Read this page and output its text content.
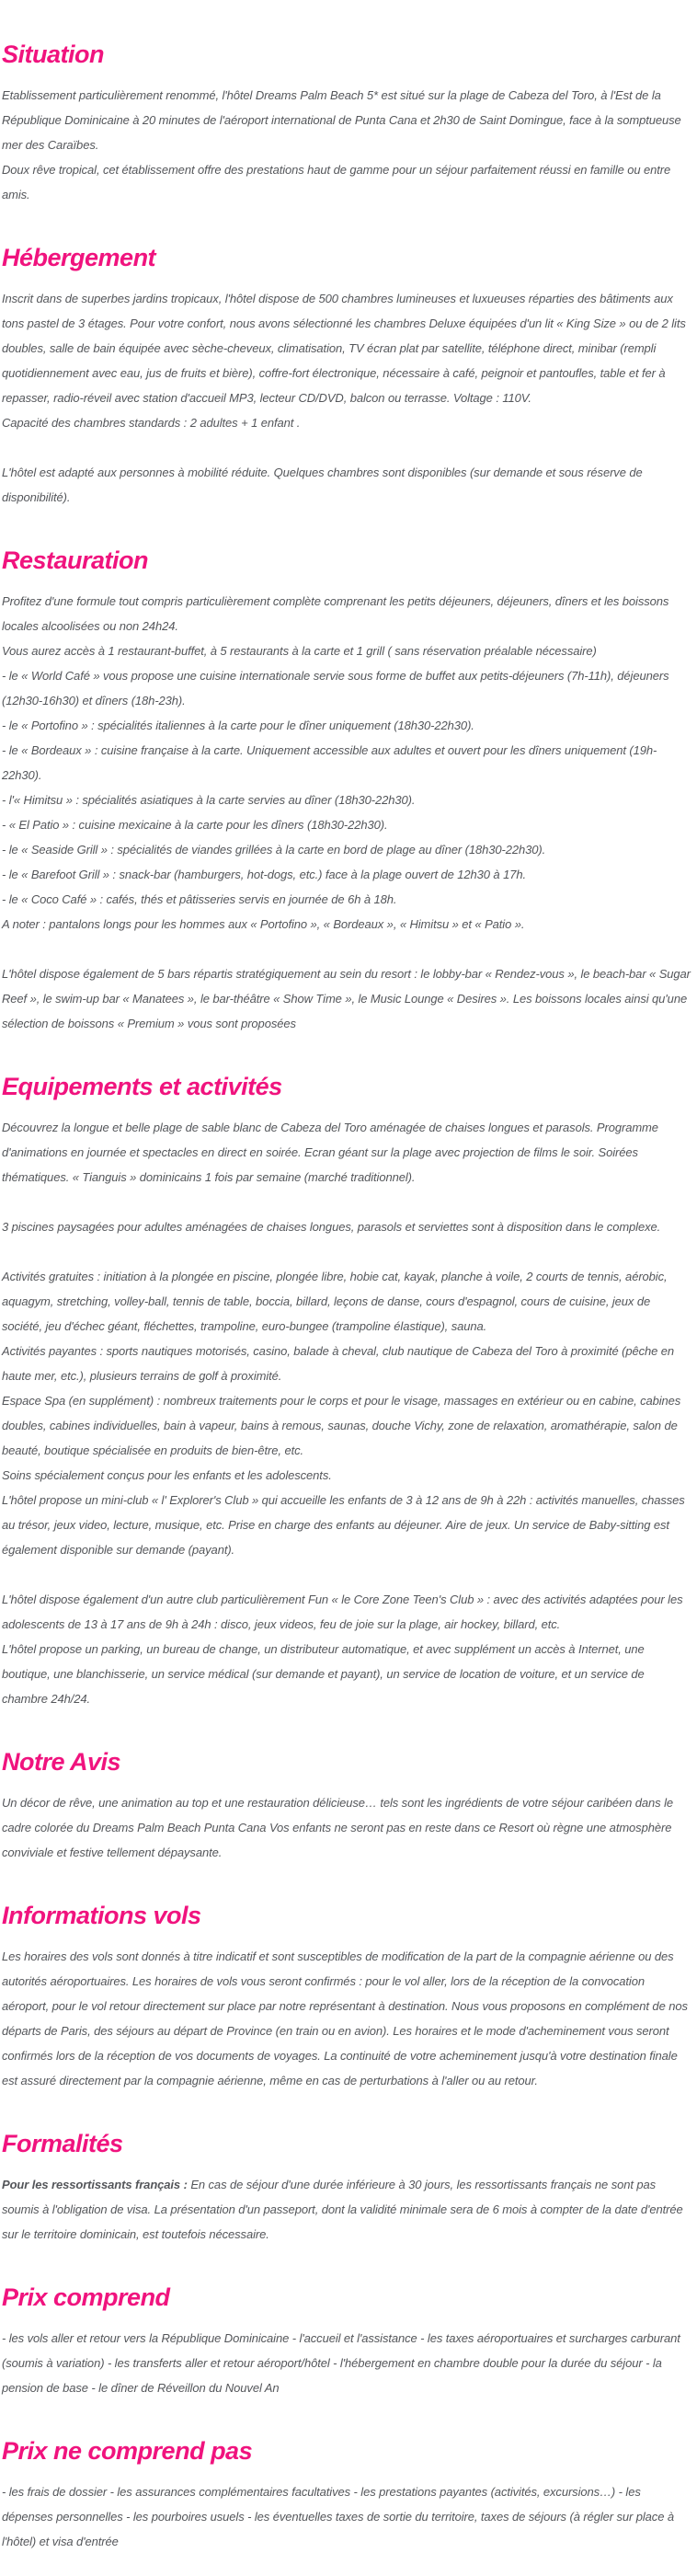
Situation

Etablissement particulièrement renommé, l'hôtel Dreams Palm Beach 5* est situé sur la plage de Cabeza del Toro, à l'Est de la République Dominicaine à 20 minutes de l'aéroport international de Punta Cana et 2h30 de Saint Domingue, face à la somptueuse mer des Caraïbes.

Doux rêve tropical, cet établissement offre des prestations haut de gamme pour un séjour parfaitement réussi en famille ou entre amis.

Hébergement

Inscrit dans de superbes jardins tropicaux, l'hôtel dispose de 500 chambres lumineuses et luxueuses réparties des bâtiments aux tons pastel de 3 étages. Pour votre confort, nous avons sélectionné les chambres Deluxe équipées d'un lit « King Size » ou de 2 lits doubles, salle de bain équipée avec sèche-cheveux, climatisation, TV écran plat par satellite, téléphone direct, minibar (rempli quotidiennement avec eau, jus de fruits et bière), coffre-fort électronique, nécessaire à café, peignoir et pantoufles, table et fer à repasser, radio-réveil avec station d'accueil MP3, lecteur CD/DVD, balcon ou terrasse. Voltage : 110V.

Capacité des chambres standards : 2 adultes + 1 enfant .

L'hôtel est adapté aux personnes à mobilité réduite. Quelques chambres sont disponibles (sur demande et sous réserve de disponibilité).

Restauration

Profitez d'une formule tout compris particulièrement complète comprenant les petits déjeuners, déjeuners, dîners et les boissons locales alcoolisées ou non 24h24.

Vous aurez accès à 1 restaurant-buffet, à 5 restaurants à la carte et 1 grill ( sans réservation préalable nécessaire)

- le « World Café » vous propose une cuisine internationale servie sous forme de buffet aux petits-déjeuners (7h-11h), déjeuners (12h30-16h30) et dîners (18h-23h).

- le « Portofino » : spécialités italiennes à la carte pour le dîner uniquement (18h30-22h30).

- le « Bordeaux » : cuisine française à la carte. Uniquement accessible aux adultes et ouvert pour les dîners uniquement (19h-22h30).

- l'« Himitsu » : spécialités asiatiques à la carte servies au dîner (18h30-22h30).

- « El Patio » : cuisine mexicaine à la carte pour les dîners (18h30-22h30).

- le « Seaside Grill » : spécialités de viandes grillées à la carte en bord de plage au dîner (18h30-22h30).

- le « Barefoot Grill » : snack-bar (hamburgers, hot-dogs, etc.) face à la plage ouvert de 12h30 à 17h.

- le « Coco Café » : cafés, thés et pâtisseries servis en journée de 6h à 18h.

A noter : pantalons longs pour les hommes aux « Portofino », « Bordeaux », « Himitsu » et « Patio ».

L'hôtel dispose également de 5 bars répartis stratégiquement au sein du resort : le lobby-bar « Rendez-vous », le beach-bar « Sugar Reef », le swim-up bar « Manatees », le bar-théâtre « Show Time », le Music Lounge « Desires ». Les boissons locales ainsi qu'une sélection de boissons « Premium » vous sont proposées

Equipements et activités

Découvrez la longue et belle plage de sable blanc de Cabeza del Toro aménagée de chaises longues et parasols. Programme d'animations en journée et spectacles en direct en soirée. Ecran géant sur la plage avec projection de films le soir. Soirées thématiques. « Tianguis » dominicains 1 fois par semaine (marché traditionnel).

3 piscines paysagées pour adultes aménagées de chaises longues, parasols et serviettes sont à disposition dans le complexe.

Activités gratuites : initiation à la plongée en piscine, plongée libre, hobie cat, kayak, planche à voile, 2 courts de tennis, aérobic, aquagym, stretching, volley-ball, tennis de table, boccia, billard, leçons de danse, cours d'espagnol, cours de cuisine, jeux de société, jeu d'échec géant, fléchettes, trampoline, euro-bungee (trampoline élastique), sauna.

Activités payantes : sports nautiques motorisés, casino, balade à cheval, club nautique de Cabeza del Toro à proximité (pêche en haute mer, etc.), plusieurs terrains de golf à proximité.

Espace Spa (en supplément) : nombreux traitements pour le corps et pour le visage, massages en extérieur ou en cabine, cabines doubles, cabines individuelles, bain à vapeur, bains à remous, saunas, douche Vichy, zone de relaxation, aromathérapie, salon de beauté, boutique spécialisée en produits de bien-être, etc.

Soins spécialement conçus pour les enfants et les adolescents.

L'hôtel propose un mini-club « l' Explorer's Club » qui accueille les enfants de 3 à 12 ans de 9h à 22h : activités manuelles, chasses au trésor, jeux video, lecture, musique, etc. Prise en charge des enfants au déjeuner. Aire de jeux. Un service de Baby-sitting est également disponible sur demande (payant).

L'hôtel dispose également d'un autre club particulièrement Fun « le Core Zone Teen's Club » : avec des activités adaptées pour les adolescents de 13 à 17 ans de 9h à 24h : disco, jeux videos, feu de joie sur la plage, air hockey, billard, etc.

L'hôtel propose un parking, un bureau de change, un distributeur automatique, et avec supplément un accès à Internet, une boutique, une blanchisserie, un service médical (sur demande et payant), un service de location de voiture, et un service de chambre 24h/24.

Notre Avis

Un décor de rêve, une animation au top et une restauration délicieuse… tels sont les ingrédients de votre séjour caribéen dans le cadre colorée du Dreams Palm Beach Punta Cana Vos enfants ne seront pas en reste dans ce Resort où règne une atmosphère conviviale et festive tellement dépaysante.

Informations vols

Les horaires des vols sont donnés à titre indicatif et sont susceptibles de modification de la part de la compagnie aérienne ou des autorités aéroportuaires. Les horaires de vols vous seront confirmés : pour le vol aller, lors de la réception de la convocation aéroport, pour le vol retour directement sur place par notre représentant à destination. Nous vous proposons en complément de nos départs de Paris, des séjours au départ de Province (en train ou en avion). Les horaires et le mode d'acheminement vous seront confirmés lors de la réception de vos documents de voyages. La continuité de votre acheminement jusqu'à votre destination finale est assuré directement par la compagnie aérienne, même en cas de perturbations à l'aller ou au retour.

Formalités

Pour les ressortissants français : En cas de séjour d'une durée inférieure à 30 jours, les ressortissants français ne sont pas soumis à l'obligation de visa. La présentation d'un passeport, dont la validité minimale sera de 6 mois à compter de la date d'entrée sur le territoire dominicain, est toutefois nécessaire.

Prix comprend

- les vols aller et retour vers la République Dominicaine - l'accueil et l'assistance - les taxes aéroportuaires et surcharges carburant (soumis à variation) - les transferts aller et retour aéroport/hôtel - l'hébergement en chambre double pour la durée du séjour - la pension de base - le dîner de Réveillon du Nouvel An

Prix ne comprend pas

- les frais de dossier - les assurances complémentaires facultatives - les prestations payantes (activités, excursions…) - les dépenses personnelles - les pourboires usuels - les éventuelles taxes de sortie du territoire, taxes de séjours (à régler sur place à l'hôtel) et visa d'entrée
